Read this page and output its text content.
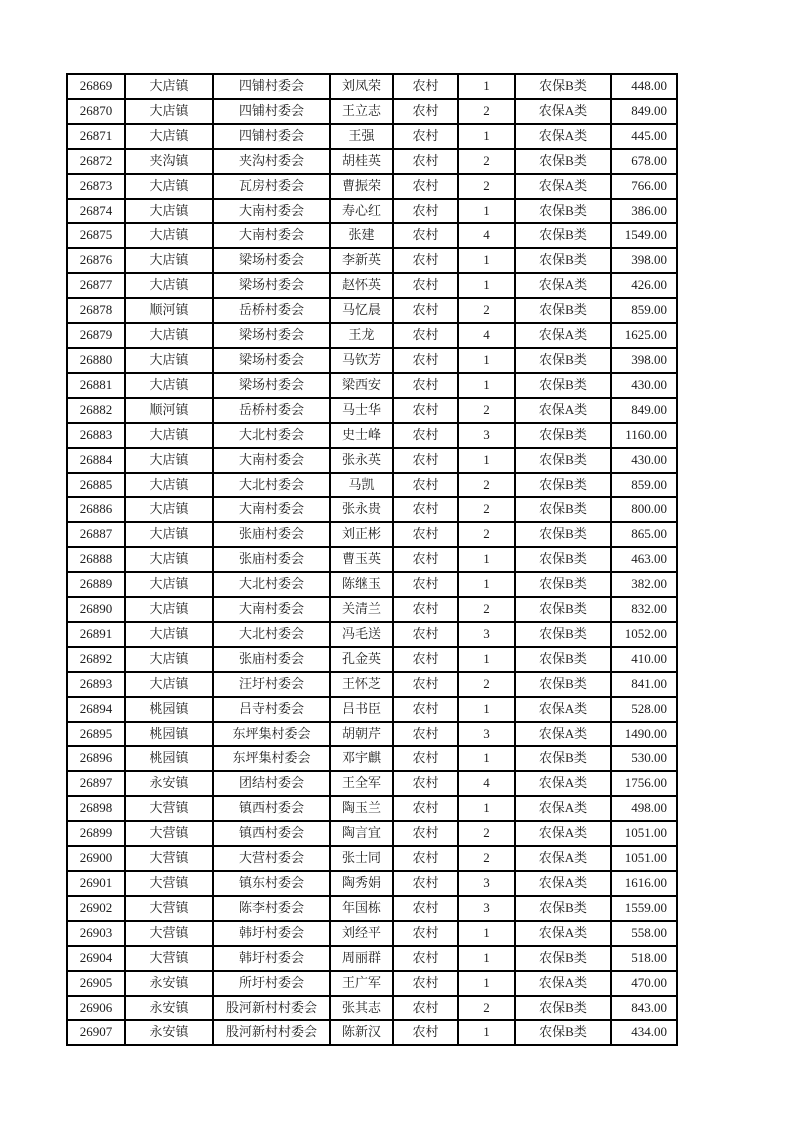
26869	大店镇	四铺村委会	刘凤荣	农村	1	农保B类	448.00
26870	大店镇	四铺村委会	王立志	农村	2	农保A类	849.00
26871	大店镇	四铺村委会	王强	农村	1	农保A类	445.00
26872	夹沟镇	夹沟村委会	胡桂英	农村	2	农保B类	678.00
26873	大店镇	瓦房村委会	曹振荣	农村	2	农保A类	766.00
26874	大店镇	大南村委会	寿心红	农村	1	农保B类	386.00
26875	大店镇	大南村委会	张建	农村	4	农保B类	1549.00
26876	大店镇	梁场村委会	李新英	农村	1	农保B类	398.00
26877	大店镇	梁场村委会	赵怀英	农村	1	农保A类	426.00
26878	顺河镇	岳桥村委会	马忆晨	农村	2	农保B类	859.00
26879	大店镇	梁场村委会	王龙	农村	4	农保A类	1625.00
26880	大店镇	梁场村委会	马钦芳	农村	1	农保B类	398.00
26881	大店镇	梁场村委会	梁西安	农村	1	农保B类	430.00
26882	顺河镇	岳桥村委会	马士华	农村	2	农保A类	849.00
26883	大店镇	大北村委会	史士峰	农村	3	农保B类	1160.00
26884	大店镇	大南村委会	张永英	农村	1	农保B类	430.00
26885	大店镇	大北村委会	马凯	农村	2	农保B类	859.00
26886	大店镇	大南村委会	张永贵	农村	2	农保B类	800.00
26887	大店镇	张庙村委会	刘正彬	农村	2	农保B类	865.00
26888	大店镇	张庙村委会	曹玉英	农村	1	农保B类	463.00
26889	大店镇	大北村委会	陈继玉	农村	1	农保B类	382.00
26890	大店镇	大南村委会	关清兰	农村	2	农保B类	832.00
26891	大店镇	大北村委会	冯毛送	农村	3	农保B类	1052.00
26892	大店镇	张庙村委会	孔金英	农村	1	农保B类	410.00
26893	大店镇	汪圩村委会	王怀芝	农村	2	农保B类	841.00
26894	桃园镇	吕寺村委会	吕书臣	农村	1	农保A类	528.00
26895	桃园镇	东坪集村委会	胡朝芹	农村	3	农保A类	1490.00
26896	桃园镇	东坪集村委会	邓宇麒	农村	1	农保B类	530.00
26897	永安镇	团结村委会	王全军	农村	4	农保A类	1756.00
26898	大营镇	镇西村委会	陶玉兰	农村	1	农保A类	498.00
26899	大营镇	镇西村委会	陶言宜	农村	2	农保A类	1051.00
26900	大营镇	大营村委会	张士同	农村	2	农保A类	1051.00
26901	大营镇	镇东村委会	陶秀娟	农村	3	农保A类	1616.00
26902	大营镇	陈李村委会	年国栋	农村	3	农保B类	1559.00
26903	大营镇	韩圩村委会	刘经平	农村	1	农保A类	558.00
26904	大营镇	韩圩村委会	周丽群	农村	1	农保B类	518.00
26905	永安镇	所圩村委会	王广军	农村	1	农保A类	470.00
26906	永安镇	股河新村村委会	张其志	农村	2	农保B类	843.00
26907	永安镇	股河新村村委会	陈新汉	农村	1	农保B类	434.00
